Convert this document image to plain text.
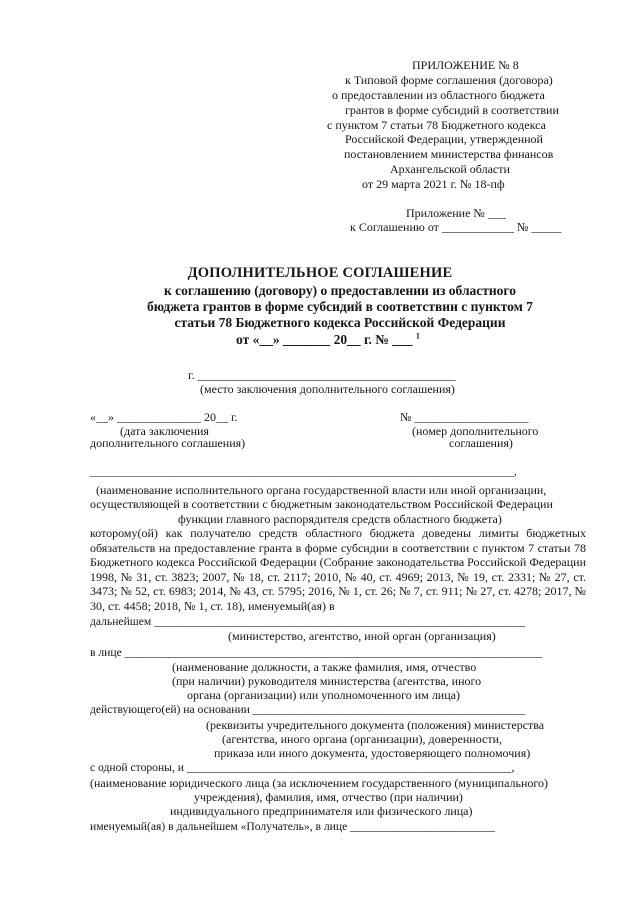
ПРИЛОЖЕНИЕ № 8
к Типовой форме соглашения (договора)
о предоставлении из областного бюджета
грантов в форме субсидий в соответствии
с пунктом 7 статьи 78 Бюджетного кодекса
Российской Федерации, утвержденной
постановлением министерства финансов
Архангельской области
от 29 марта 2021 г. № 18-пф
Приложение № ___
к Соглашению от ____________ № _____
ДОПОЛНИТЕЛЬНОЕ СОГЛАШЕНИЕ
к соглашению (договору) о предоставлении из областного
бюджета грантов в форме субсидий в соответствии с пунктом 7
статьи 78 Бюджетного кодекса Российской Федерации
от «__» _______ 20__ г. № ___ $^1$
г. ___________________________________________
(место заключения дополнительного соглашения)
«__» ______________ 20__ г.
(дата заключения
дополнительного соглашения)
№ ___________________
(номер дополнительного
соглашения)
________________________________________________________________________________,
(наименование исполнительного органа государственной власти или иной организации,
осуществляющей в соответствии с бюджетным законодательством Российской Федерации
функции главного распорядителя средств областного бюджета)
которому(ой) как получателю средств областного бюджета доведены лимиты бюджетных обязательств на предоставление гранта в форме субсидии в соответствии с пунктом 7 статьи 78 Бюджетного кодекса Российской Федерации (Собрание законодательства Российской Федерации 1998, № 31, ст. 3823; 2007, № 18, ст. 2117; 2010, № 40, ст. 4969; 2013, № 19, ст. 2331; № 27, ст. 3473; № 52, ст. 6983; 2014, № 43, ст. 5795; 2016, № 1, ст. 26; № 7, ст. 911; № 27, ст. 4278; 2017, № 30, ст. 4458; 2018, № 1, ст. 18), именуемый(ая) в
дальнейшем ________________________________________________________________
(министерство, агентство, иной орган (организация)
в лице ________________________________________________________________________
(наименование должности, а также фамилия, имя, отчество
(при наличии) руководителя министерства (агентства, иного
органа (организации) или уполномоченного им лица)
действующего(ей) на основании _______________________________________________
(реквизиты учредительного документа (положения) министерства
(агентства, иного органа (организации), доверенности,
приказа или иного документа, удостоверяющего полномочия)
с одной стороны, и ________________________________________________________,
(наименование юридического лица (за исключением государственного (муниципального)
учреждения), фамилия, имя, отчество (при наличии)
индивидуального предпринимателя или физического лица)
именуемый(ая) в дальнейшем «Получатель», в лице _________________________
